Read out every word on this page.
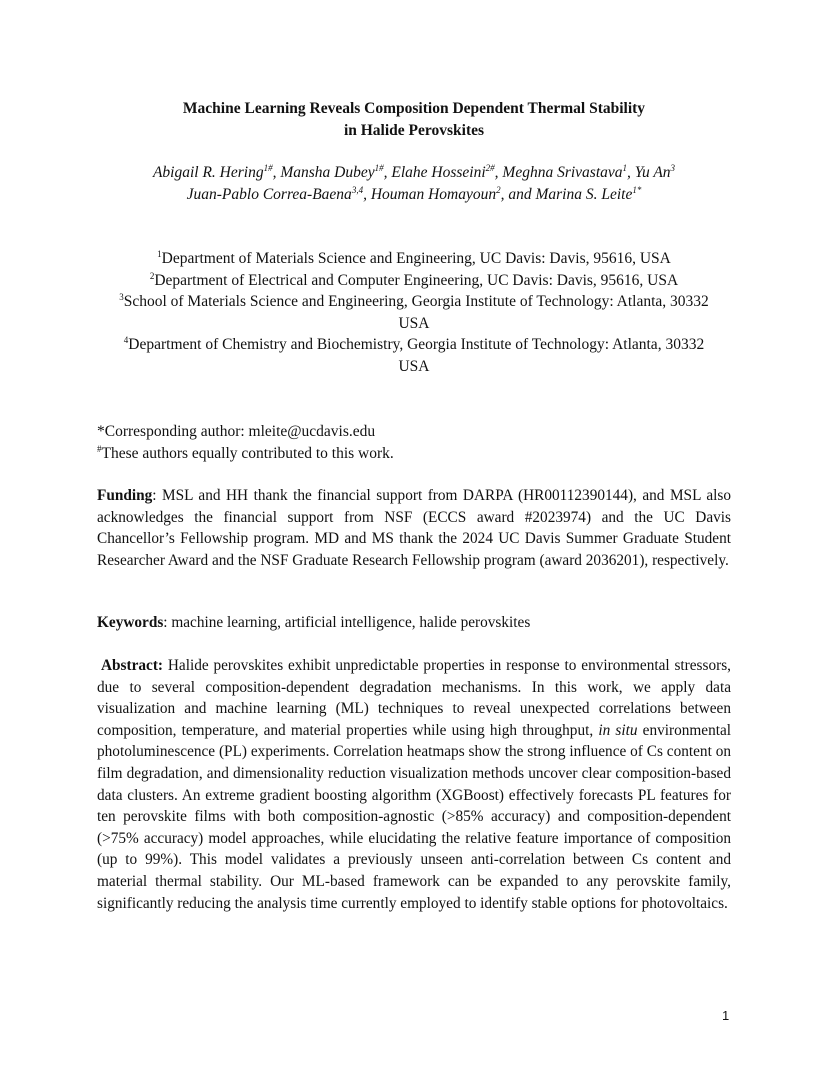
Machine Learning Reveals Composition Dependent Thermal Stability
in Halide Perovskites
Abigail R. Hering$^{1\#}$, Mansha Dubey$^{1\#}$, Elahe Hosseini$^{2\#}$, Meghna Srivastava$^1$, Yu An$^3$
Juan-Pablo Correa-Baena$^{3,4}$, Houman Homayoun$^2$, and Marina S. Leite$^{1*}$
$^1$Department of Materials Science and Engineering, UC Davis: Davis, 95616, USA
$^2$Department of Electrical and Computer Engineering, UC Davis: Davis, 95616, USA
$^3$School of Materials Science and Engineering, Georgia Institute of Technology: Atlanta, 30332
USA
$^4$Department of Chemistry and Biochemistry, Georgia Institute of Technology: Atlanta, 30332
USA
*Corresponding author: mleite@ucdavis.edu
#These authors equally contributed to this work.
Funding: MSL and HH thank the financial support from DARPA (HR00112390144), and MSL also acknowledges the financial support from NSF (ECCS award #2023974) and the UC Davis Chancellor’s Fellowship program. MD and MS thank the 2024 UC Davis Summer Graduate Student Researcher Award and the NSF Graduate Research Fellowship program (award 2036201), respectively.
Keywords: machine learning, artificial intelligence, halide perovskites
Abstract: Halide perovskites exhibit unpredictable properties in response to environmental stressors, due to several composition-dependent degradation mechanisms. In this work, we apply data visualization and machine learning (ML) techniques to reveal unexpected correlations between composition, temperature, and material properties while using high throughput, in situ environmental photoluminescence (PL) experiments. Correlation heatmaps show the strong influence of Cs content on film degradation, and dimensionality reduction visualization methods uncover clear composition-based data clusters. An extreme gradient boosting algorithm (XGBoost) effectively forecasts PL features for ten perovskite films with both composition-agnostic (>85% accuracy) and composition-dependent (>75% accuracy) model approaches, while elucidating the relative feature importance of composition (up to 99%). This model validates a previously unseen anti-correlation between Cs content and material thermal stability. Our ML-based framework can be expanded to any perovskite family, significantly reducing the analysis time currently employed to identify stable options for photovoltaics.
1
